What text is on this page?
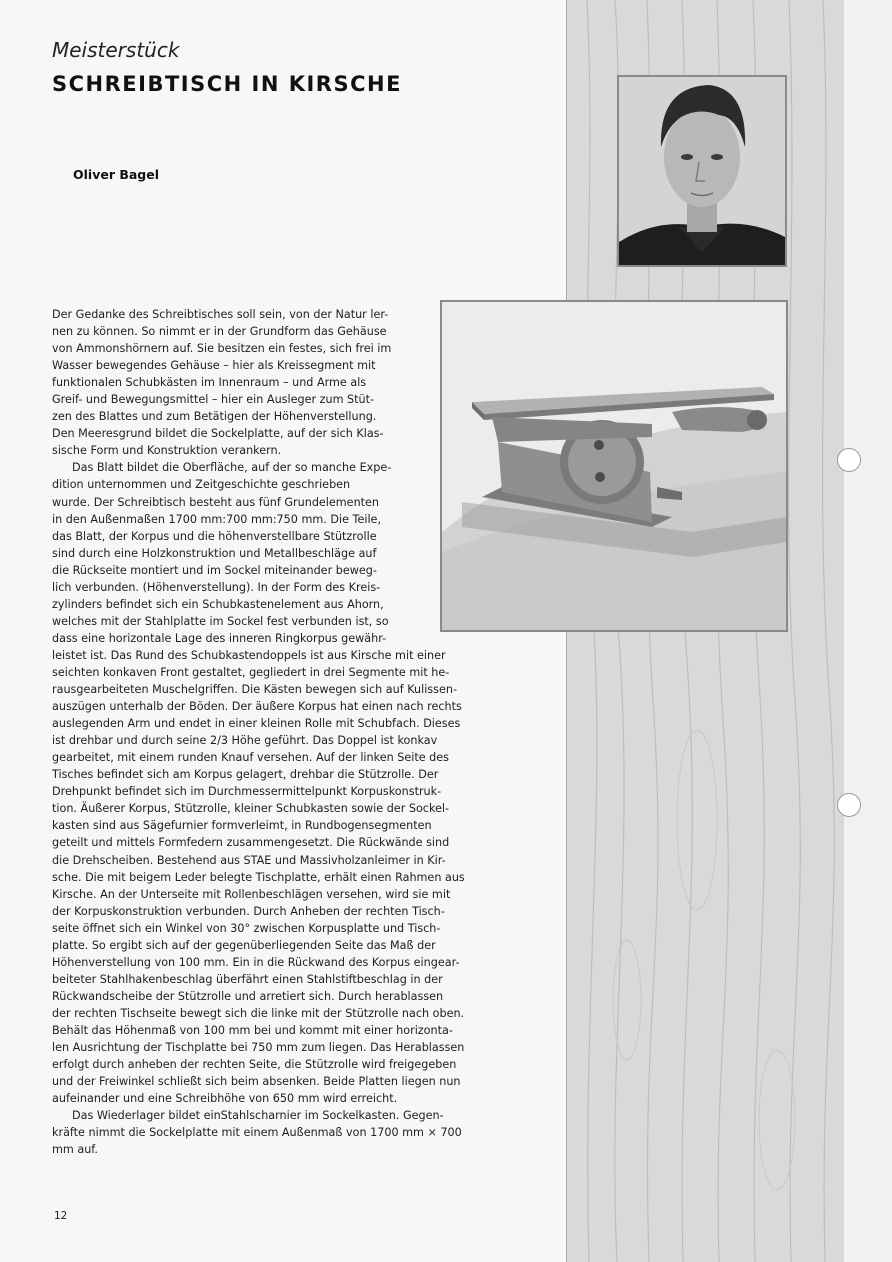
Meisterstück
SCHREIBTISCH IN KIRSCHE
Oliver Bagel
Der Gedanke des Schreibtisches soll sein, von der Natur ler-
nen zu können. So nimmt er in der Grundform das Gehäuse
von Ammonshörnern auf. Sie besitzen ein festes, sich frei im
Wasser bewegendes Gehäuse – hier als Kreissegment mit
funktionalen Schubkästen im Innenraum – und Arme als
Greif- und Bewegungsmittel – hier ein Ausleger zum Stüt-
zen des Blattes und zum Betätigen der Höhenverstellung.
Den Meeresgrund bildet die Sockelplatte, auf der sich Klas-
sische Form und Konstruktion verankern.
Das Blatt bildet die Oberfläche, auf der so manche Expe-
dition unternommen und Zeitgeschichte geschrieben
wurde. Der Schreibtisch besteht aus fünf Grundelementen
in den Außenmaßen 1700 mm:700 mm:750 mm. Die Teile,
das Blatt, der Korpus und die höhenverstellbare Stützrolle
sind durch eine Holzkonstruktion und Metallbeschläge auf
die Rückseite montiert und im Sockel miteinander beweg-
lich verbunden. (Höhenverstellung). In der Form des Kreis-
zylinders befindet sich ein Schubkastenelement aus Ahorn,
welches mit der Stahlplatte im Sockel fest verbunden ist, so
dass eine horizontale Lage des inneren Ringkorpus gewähr-
leistet ist. Das Rund des Schubkastendoppels ist aus Kirsche mit einer
seichten konkaven Front gestaltet, gegliedert in drei Segmente mit he-
rausgearbeiteten Muschelgriffen. Die Kästen bewegen sich auf Kulissen-
auszügen unterhalb der Böden. Der äußere Korpus hat einen nach rechts
auslegenden Arm und endet in einer kleinen Rolle mit Schubfach. Dieses
ist drehbar und durch seine 2/3 Höhe geführt. Das Doppel ist konkav
gearbeitet, mit einem runden Knauf versehen. Auf der linken Seite des
Tisches befindet sich am Korpus gelagert, drehbar die Stützrolle. Der
Drehpunkt befindet sich im Durchmessermittelpunkt Korpuskonstruk-
tion. Äußerer Korpus, Stützrolle, kleiner Schubkasten sowie der Sockel-
kasten sind aus Sägefurnier formverleimt, in Rundbogensegmenten
geteilt und mittels Formfedern zusammengesetzt. Die Rückwände sind
die Drehscheiben. Bestehend aus STAE und Massivholzanleimer in Kir-
sche. Die mit beigem Leder belegte Tischplatte, erhält einen Rahmen aus
Kirsche. An der Unterseite mit Rollenbeschlägen versehen, wird sie mit
der Korpuskonstruktion verbunden. Durch Anheben der rechten Tisch-
seite öffnet sich ein Winkel von 30° zwischen Korpusplatte und Tisch-
platte. So ergibt sich auf der gegenüberliegenden Seite das Maß der
Höhenverstellung von 100 mm. Ein in die Rückwand des Korpus eingear-
beiteter Stahlhakenbeschlag überfährt einen Stahlstiftbeschlag in der
Rückwandscheibe der Stützrolle und arretiert sich. Durch herablassen
der rechten Tischseite bewegt sich die linke mit der Stützrolle nach oben.
Behält das Höhenmaß von 100 mm bei und kommt mit einer horizonta-
len Ausrichtung der Tischplatte bei 750 mm zum liegen. Das Herablassen
erfolgt durch anheben der rechten Seite, die Stützrolle wird freigegeben
und der Freiwinkel schließt sich beim absenken. Beide Platten liegen nun
aufeinander und eine Schreibhöhe von 650 mm wird erreicht.
Das Wiederlager bildet einStahlscharnier im Sockelkasten. Gegen-
kräfte nimmt die Sockelplatte mit einem Außenmaß von 1700 mm × 700
mm auf.
12
